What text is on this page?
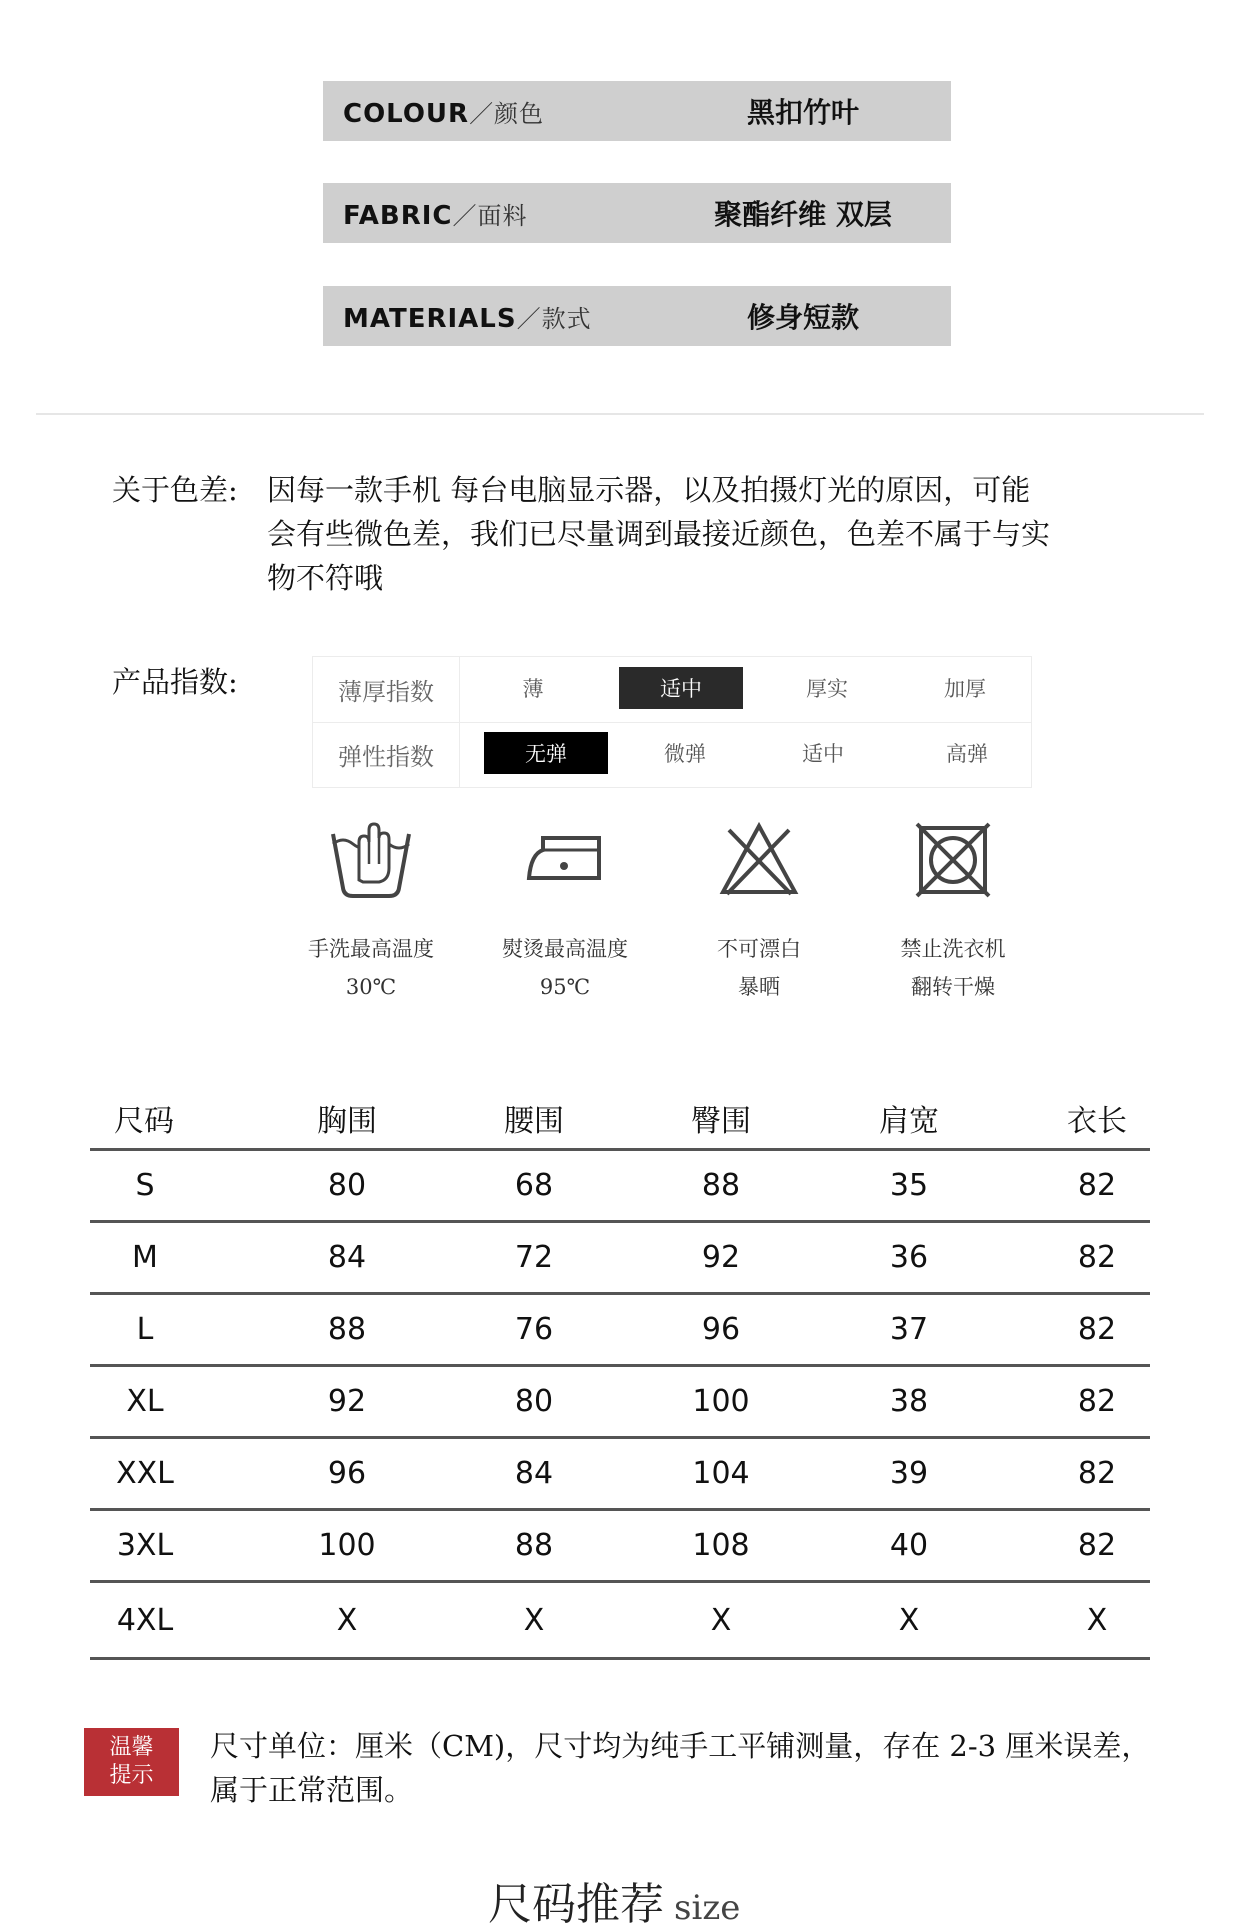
COLOUR／颜色	黑扣竹叶
FABRIC／面料	聚酯纤维 双层
MATERIALS／款式	修身短款
关于色差: 因每一款手机 每台电脑显示器，以及拍摄灯光的原因，可能

会有些微色差，我们已尽量调到最接近颜色，色差不属于与实

物不符哦

产品指数:	薄厚指数	薄	适中	厚实	加厚
弹性指数	无弹	微弹	适中	高弹
手洗最高温度
30℃
熨烫最高温度
95℃
不可漂白
暴晒
禁止洗衣机
翻转干燥
尺码	胸围	腰围	臀围	肩宽	衣长
S	80	68	88	35	82
M	84	72	92	36	82
L	88	76	96	37	82
XL	92	80	100	38	82
XXL	96	84	104	39	82
3XL	100	88	108	40	82
4XL	X	X	X	X	X
温馨
提示

尺寸单位：厘米（CM)，尺寸均为纯手工平铺测量，存在 2-3 厘米误差，

属于正常范围。

尺码推荐 size
